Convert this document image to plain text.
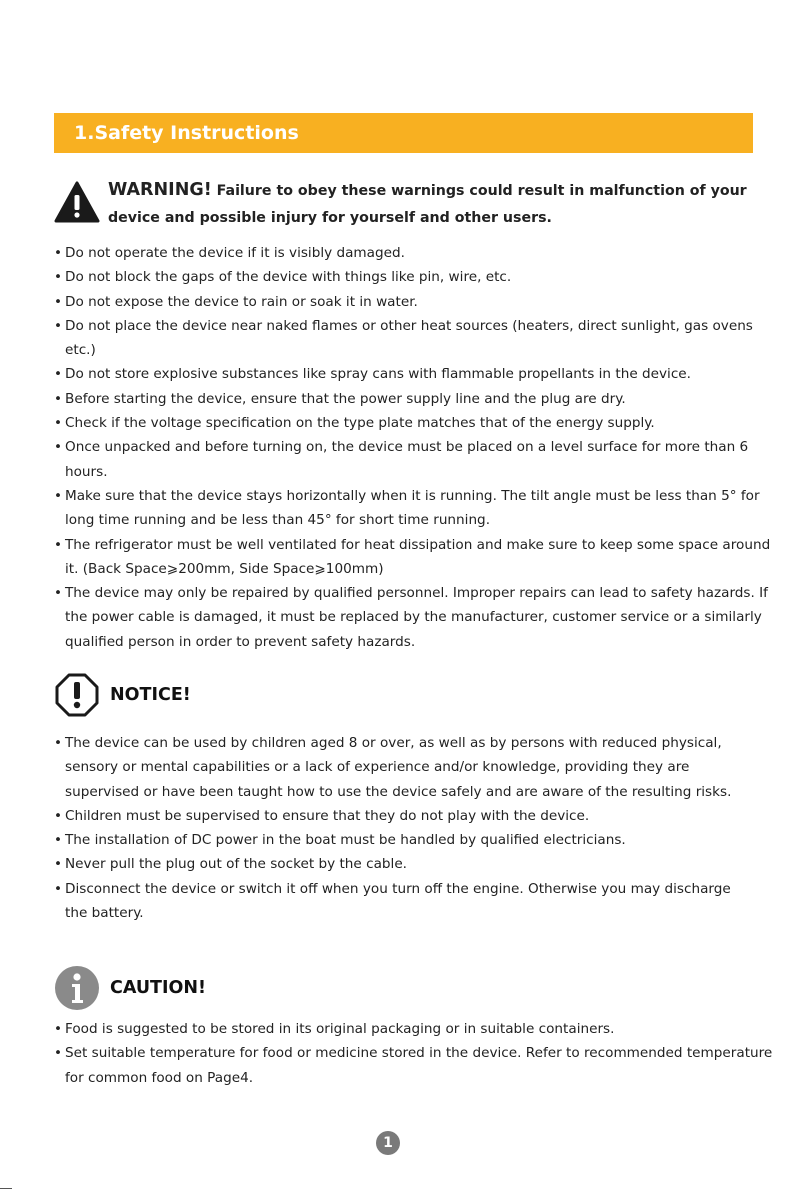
1.Safety Instructions
WARNING! Failure to obey these warnings could result in malfunction of your
device and possible injury for yourself and other users.
• Do not operate the device if it is visibly damaged.
• Do not block the gaps of the device with things like pin, wire, etc.
• Do not expose the device to rain or soak it in water.
• Do not place the device near naked flames or other heat sources (heaters, direct sunlight, gas ovens etc.)
• Do not store explosive substances like spray cans with flammable propellants in the device.
• Before starting the device, ensure that the power supply line and the plug are dry.
• Check if the voltage specification on the type plate matches that of the energy supply.
• Once unpacked and before turning on, the device must be placed on a level surface for more than 6 hours.
• Make sure that the device stays horizontally when it is running. The tilt angle must be less than 5° for long time running and be less than 45° for short time running.
• The refrigerator must be well ventilated for heat dissipation and make sure to keep some space around it. (Back Space⩾200mm, Side Space⩾100mm)
• The device may only be repaired by qualified personnel. Improper repairs can lead to safety hazards. If the power cable is damaged, it must be replaced by the manufacturer, customer service or a similarly qualified person in order to prevent safety hazards.
NOTICE!
• The device can be used by children aged 8 or over, as well as by persons with reduced physical, sensory or mental capabilities or a lack of experience and/or knowledge, providing they are supervised or have been taught how to use the device safely and are aware of the resulting risks.
• Children must be supervised to ensure that they do not play with the device.
• The installation of DC power in the boat must be handled by qualified electricians.
• Never pull the plug out of the socket by the cable.
• Disconnect the device or switch it off when you turn off the engine. Otherwise you may discharge the battery.
CAUTION!
• Food is suggested to be stored in its original packaging or in suitable containers.
• Set suitable temperature for food or medicine stored in the device. Refer to recommended temperature for common food on Page4.
1
